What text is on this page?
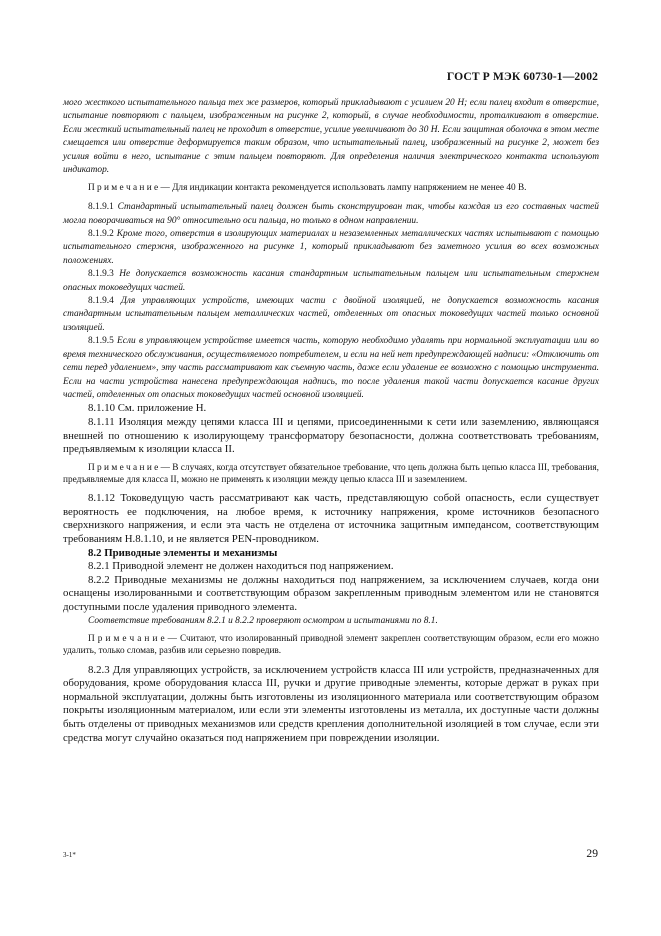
ГОСТ Р МЭК 60730-1—2002

мого жесткого испытательного пальца тех же размеров, который прикладывают с усилием 20 Н; если палец входит в отверстие, испытание повторяют с пальцем, изображенным на рисунке 2, который, в случае необходимости, проталкивают в отверстие. Если жесткий испытательный палец не проходит в отверстие, усилие увеличивают до 30 Н. Если защитная оболочка в этом месте смещается или отверстие деформируется таким образом, что испытательный палец, изображенный на рисунке 2, может без усилия войти в него, испытание с этим пальцем повторяют. Для определения наличия электрического контакта используют индикатор.

П р и м е ч а н и е — Для индикации контакта рекомендуется использовать лампу напряжением не менее 40 В.

8.1.9.1 Стандартный испытательный палец должен быть сконструирован так, чтобы каждая из его составных частей могла поворачиваться на 90° относительно оси пальца, но только в одном направлении.

8.1.9.2 Кроме того, отверстия в изолирующих материалах и незаземленных металлических частях испытывают с помощью испытательного стержня, изображенного на рисунке 1, который прикладывают без заметного усилия во всех возможных положениях.

8.1.9.3 Не допускается возможность касания стандартным испытательным пальцем или испытательным стержнем опасных токоведущих частей.

8.1.9.4 Для управляющих устройств, имеющих части с двойной изоляцией, не допускается возможность касания стандартным испытательным пальцем металлических частей, отделенных от опасных токоведущих частей только основной изоляцией.

8.1.9.5 Если в управляющем устройстве имеется часть, которую необходимо удалять при нормальной эксплуатации или во время технического обслуживания, осуществляемого потребителем, и если на ней нет предупреждающей надписи: «Отключить от сети перед удалением», эту часть рассматривают как съемную часть, даже если удаление ее возможно с помощью инструмента. Если на части устройства нанесена предупреждающая надпись, то после удаления такой части допускается касание других частей, отделенных от опасных токоведущих частей основной изоляцией.

8.1.10 См. приложение Н.

8.1.11 Изоляция между цепями класса III и цепями, присоединенными к сети или заземлению, являющаяся внешней по отношению к изолирующему трансформатору безопасности, должна соответствовать требованиям, предъявляемым к изоляции класса II.

П р и м е ч а н и е — В случаях, когда отсутствует обязательное требование, что цепь должна быть цепью класса III, требования, предъявляемые для класса II, можно не применять к изоляции между цепью класса III и заземлением.

8.1.12 Токоведущую часть рассматривают как часть, представляющую собой опасность, если существует вероятность ее подключения, на любое время, к источнику напряжения, кроме источников безопасного сверхнизкого напряжения, и если эта часть не отделена от источника защитным импедансом, соответствующим требованиям Н.8.1.10, и не является PEN-проводником.

8.2 Приводные элементы и механизмы

8.2.1 Приводной элемент не должен находиться под напряжением.

8.2.2 Приводные механизмы не должны находиться под напряжением, за исключением случаев, когда они оснащены изолированными и соответствующим образом закрепленным приводным элементом или не становятся доступными после удаления приводного элемента.

Соответствие требованиям 8.2.1 и 8.2.2 проверяют осмотром и испытаниями по 8.1.

П р и м е ч а н и е — Считают, что изолированный приводной элемент закреплен соответствующим образом, если его можно удалить, только сломав, разбив или серьезно повредив.

8.2.3 Для управляющих устройств, за исключением устройств класса III или устройств, предназначенных для оборудования, кроме оборудования класса III, ручки и другие приводные элементы, которые держат в руках при нормальной эксплуатации, должны быть изготовлены из изоляционного материала или соответствующим образом покрыты изоляционным материалом, или если эти элементы изготовлены из металла, их доступные части должны быть отделены от приводных механизмов или средств крепления дополнительной изоляцией в том случае, если эти средства могут случайно оказаться под напряжением при повреждении изоляции.

3-1*	29
